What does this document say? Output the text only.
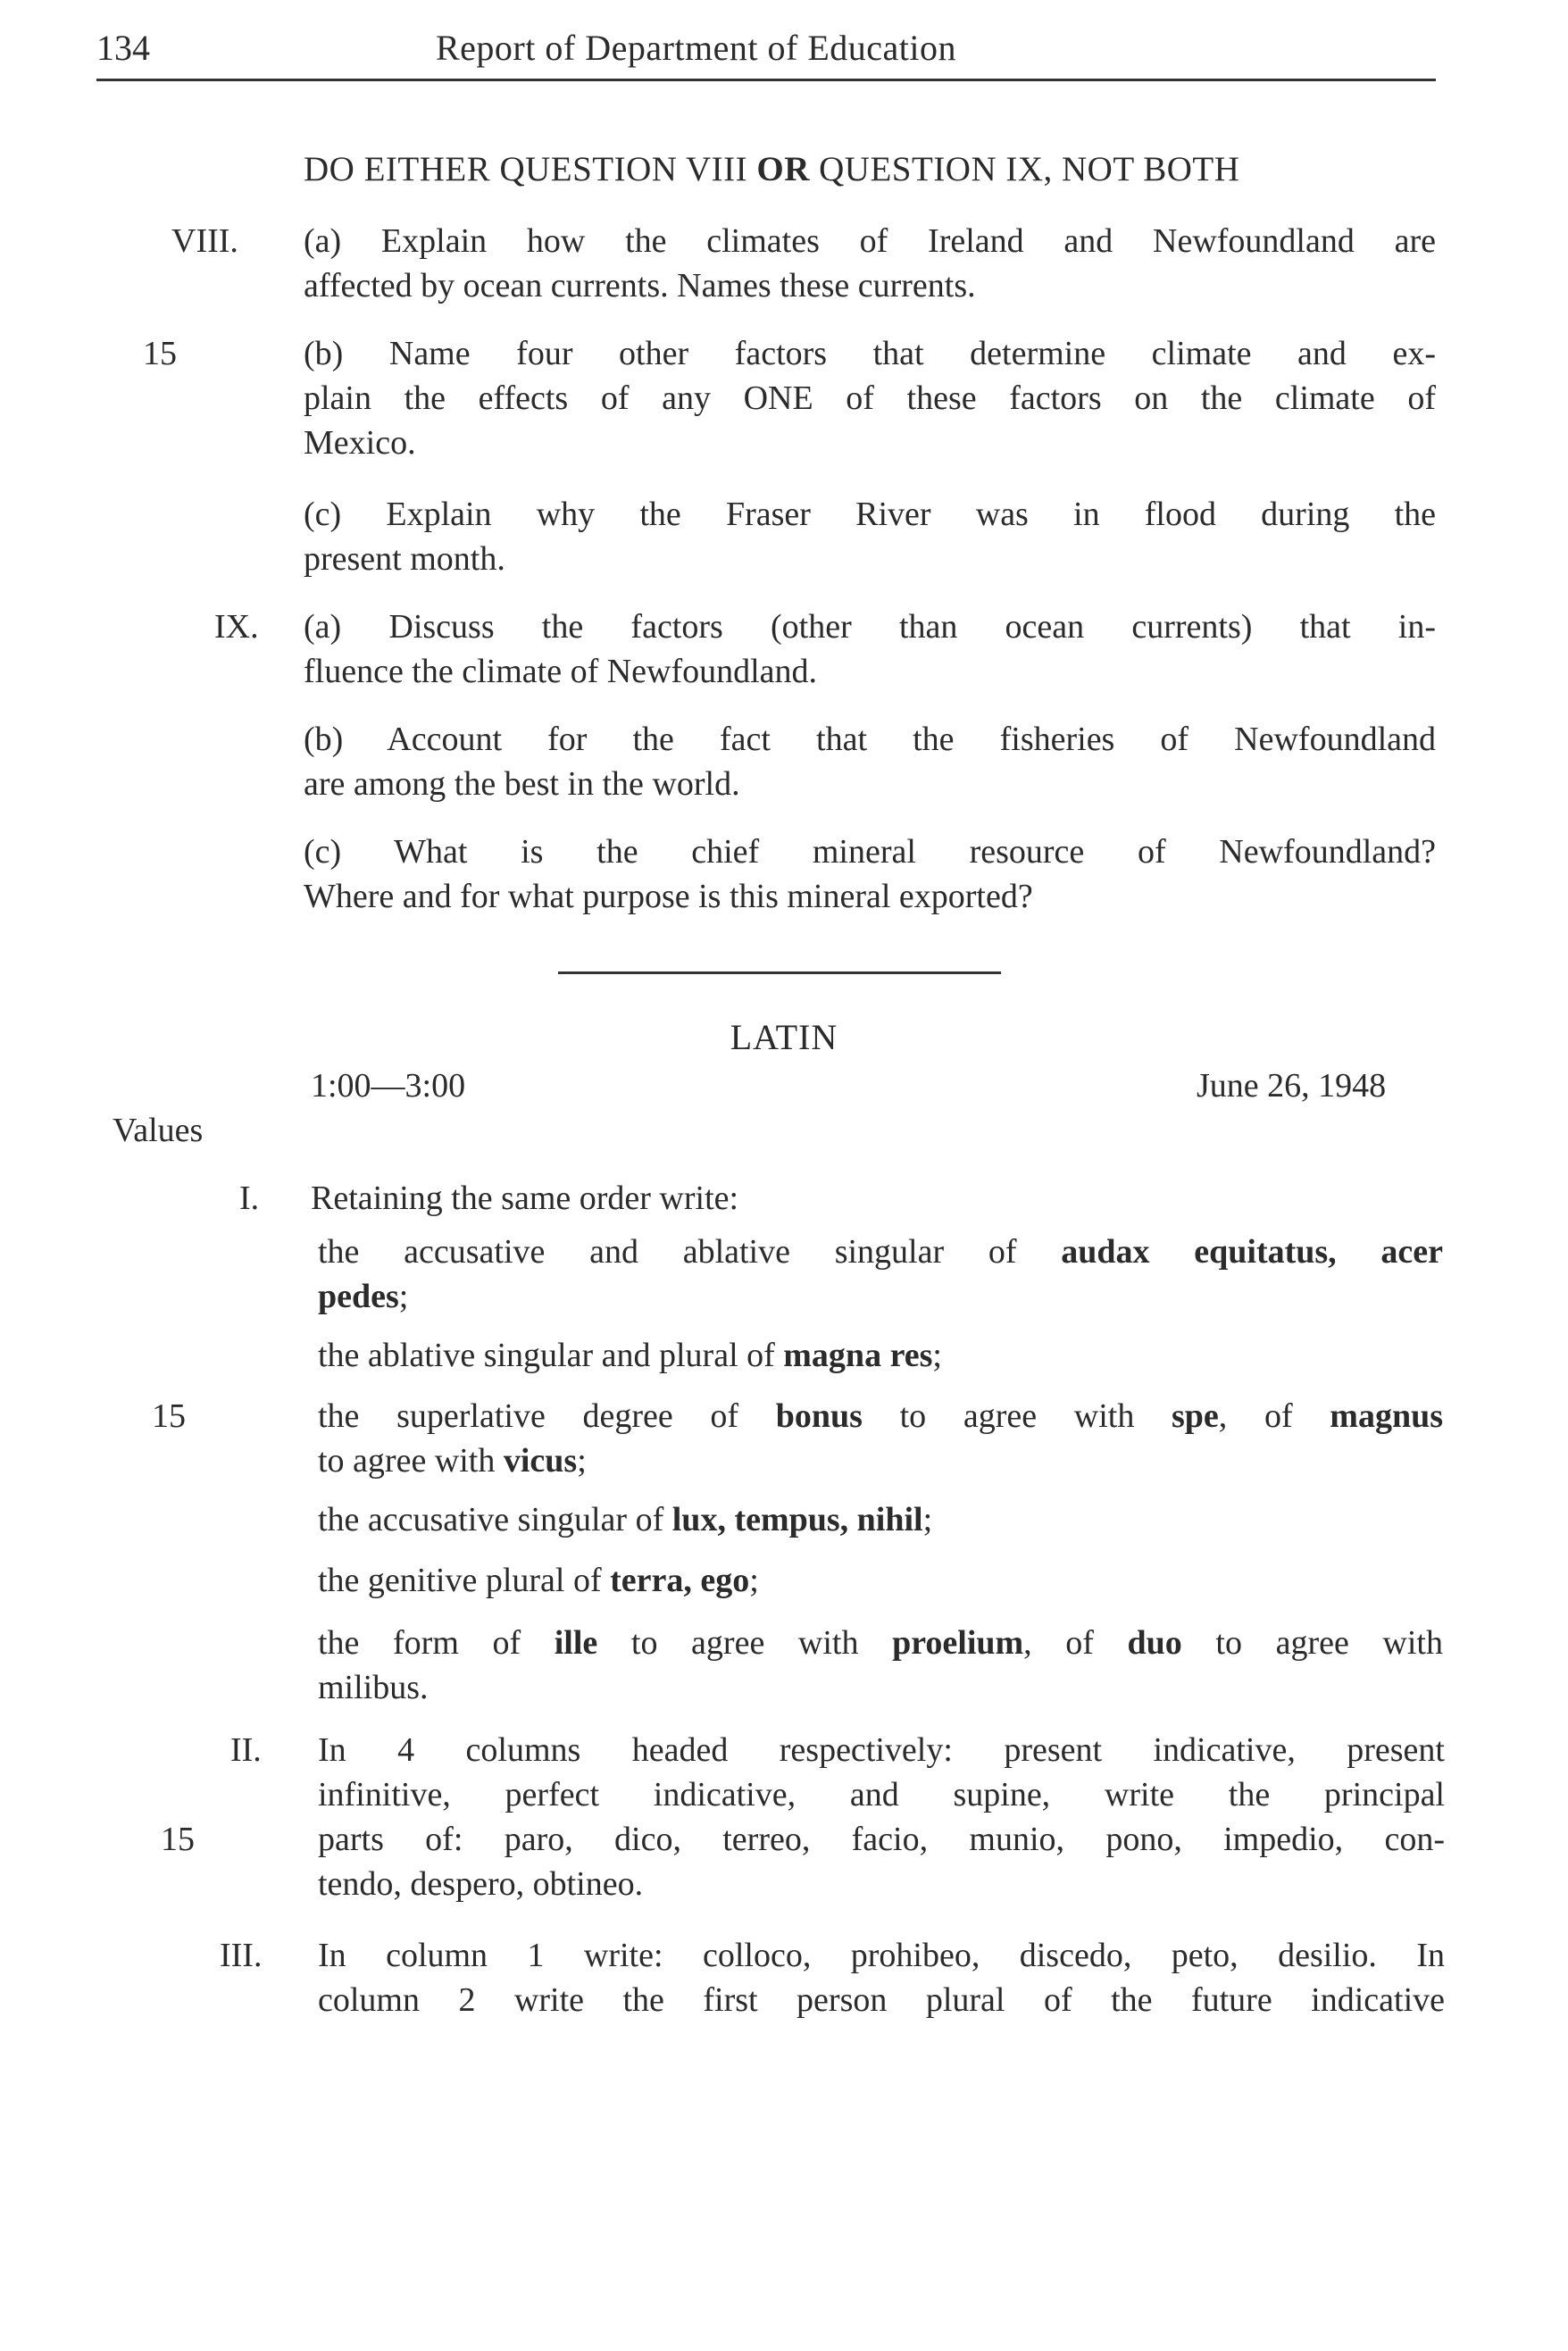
134	Report of Department of Education
DO EITHER QUESTION VIII OR QUESTION IX, NOT BOTH
VIII. (a) Explain how the climates of Ireland and Newfoundland are
affected by ocean currents. Names these currents.
15	(b) Name four other factors that determine climate and ex-
plain the effects of any ONE of these factors on the climate of
Mexico.
(c) Explain why the Fraser River was in flood during the
present month.
IX. (a) Discuss the factors (other than ocean currents) that in-
fluence the climate of Newfoundland.
(b) Account for the fact that the fisheries of Newfoundland
are among the best in the world.
(c) What is the chief mineral resource of Newfoundland?
Where and for what purpose is this mineral exported?
LATIN
1:00—3:00	June 26, 1948
Values
I. Retaining the same order write:
the accusative and ablative singular of audax equitatus, acer
pedes;
the ablative singular and plural of magna res;
15	the superlative degree of bonus to agree with spe, of magnus
to agree with vicus;
the accusative singular of lux, tempus, nihil;
the genitive plural of terra, ego;
the form of ille to agree with proelium, of duo to agree with
milibus.
II. In 4 columns headed respectively: present indicative, present
infinitive, perfect indicative, and supine, write the principal
15	parts of: paro, dico, terreo, facio, munio, pono, impedio, con-
tendo, despero, obtineo.
III. In column 1 write: colloco, prohibeo, discedo, peto, desilio. In
column 2 write the first person plural of the future indicative
